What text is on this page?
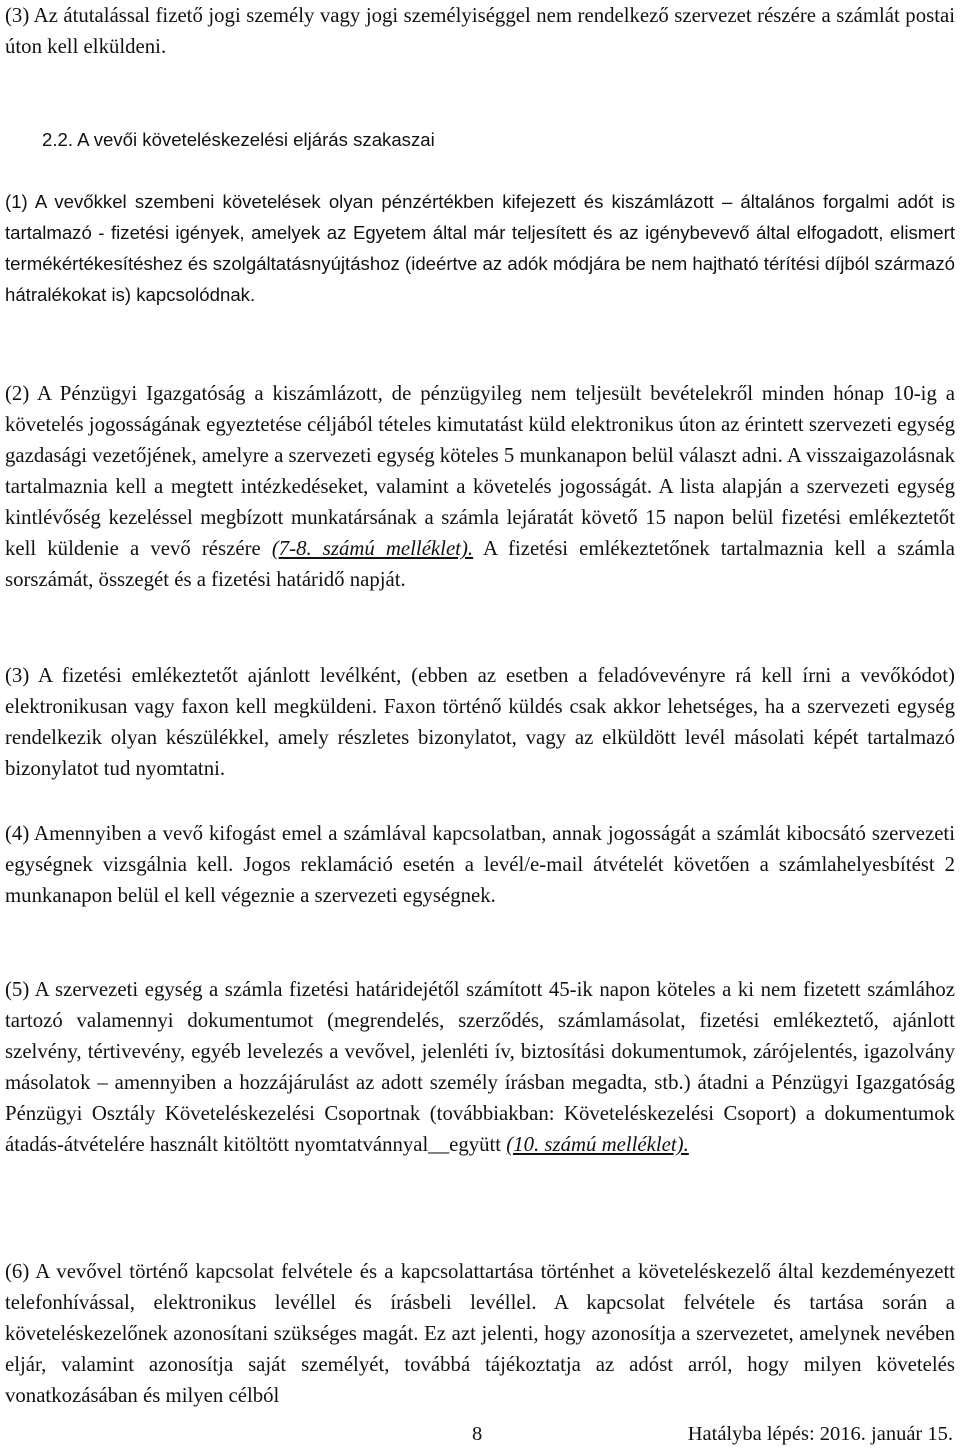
(3) Az átutalással fizető jogi személy vagy jogi személyiséggel nem rendelkező szervezet részére a számlát postai úton kell elküldeni.

2.2. A vevői követeléskezelési eljárás szakaszai

(1) A vevőkkel szembeni követelések olyan pénzértékben kifejezett és kiszámlázott – általános forgalmi adót is tartalmazó - fizetési igények, amelyek az Egyetem által már teljesített és az igénybevevő által elfogadott, elismert termékértékesítéshez és szolgáltatásnyújtáshoz (ideértve az adók módjára be nem hajtható térítési díjból származó hátralékokat is) kapcsolódnak.

(2) A Pénzügyi Igazgatóság a kiszámlázott, de pénzügyileg nem teljesült bevételekről minden hónap 10-ig a követelés jogosságának egyeztetése céljából tételes kimutatást küld elektronikus úton az érintett szervezeti egység gazdasági vezetőjének, amelyre a szervezeti egység köteles 5 munkanapon belül választ adni. A visszaigazolásnak tartalmaznia kell a megtett intézkedéseket, valamint a követelés jogosságát. A lista alapján a szervezeti egység kintlévőség kezeléssel megbízott munkatársának a számla lejáratát követő 15 napon belül fizetési emlékeztetőt kell küldenie a vevő részére (7-8. számú melléklet). A fizetési emlékeztetőnek tartalmaznia kell a számla sorszámát, összegét és a fizetési határidő napját.

(3) A fizetési emlékeztetőt ajánlott levélként, (ebben az esetben a feladóvevényre rá kell írni a vevőkódot) elektronikusan vagy faxon kell megküldeni. Faxon történő küldés csak akkor lehetséges, ha a szervezeti egység rendelkezik olyan készülékkel, amely részletes bizonylatot, vagy az elküldött levél másolati képét tartalmazó bizonylatot tud nyomtatni.

(4) Amennyiben a vevő kifogást emel a számlával kapcsolatban, annak jogosságát a számlát kibocsátó szervezeti egységnek vizsgálnia kell. Jogos reklamáció esetén a levél/e-mail átvételét követően a számlahelyesbítést 2 munkanapon belül el kell végeznie a szervezeti egységnek.

(5) A szervezeti egység a számla fizetési határidejétől számított 45-ik napon köteles a ki nem fizetett számlához tartozó valamennyi dokumentumot (megrendelés, szerződés, számlamásolat, fizetési emlékeztető, ajánlott szelvény, tértivevény, egyéb levelezés a vevővel, jelenléti ív, biztosítási dokumentumok, zárójelentés, igazolvány másolatok – amennyiben a hozzájárulást az adott személy írásban megadta, stb.) átadni a Pénzügyi Igazgatóság Pénzügyi Osztály Követeléskezelési Csoportnak (továbbiakban: Követeléskezelési Csoport) a dokumentumok átadás-átvételére használt kitöltött nyomtatvánnyal__együtt (10. számú melléklet).

(6) A vevővel történő kapcsolat felvétele és a kapcsolattartása történhet a követeléskezelő által kezdeményezett telefonhívással, elektronikus levéllel és írásbeli levéllel. A kapcsolat felvétele és tartása során a követeléskezelőnek azonosítani szükséges magát. Ez azt jelenti, hogy azonosítja a szervezetet, amelynek nevében eljár, valamint azonosítja saját személyét, továbbá tájékoztatja az adóst arról, hogy milyen követelés vonatkozásában és milyen célból

8	Hatályba lépés: 2016. január 15.
